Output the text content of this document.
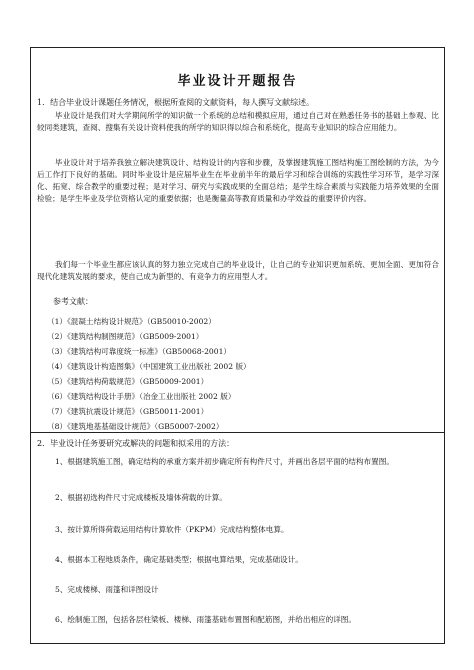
毕业设计开题报告
1．结合毕业设计课题任务情况，根据所查阅的文献资料，每人撰写文献综述。
毕业设计是我们对大学期间所学的知识做一个系统的总结和模拟应用，通过自己对在熟悉任务书的基础上参观、比较同类建筑，查阅、搜集有关设计资料使我的所学的知识得以综合和系统化，提高专业知识的综合应用能力。
毕业设计对于培养我独立解决建筑设计、结构设计的内容和步骤，及掌握建筑施工图结构施工图绘制的方法，为今后工作打下良好的基础。同时毕业设计是应届毕业生在毕业前半年的最后学习和综合训练的实践性学习环节，是学习深化、拓宽、综合教学的重要过程；是对学习、研究与实践成果的全面总结；是学生综合素质与实践能力培养效果的全面检验；是学生毕业及学位资格认定的重要依据；也是衡量高等教育质量和办学效益的重要评价内容。
我们每一个毕业生都应该认真的努力独立完成自己的毕业设计，让自己的专业知识更加系统、更加全面、更加符合现代化建筑发展的要求，使自己成为新型的、有竞争力的应用型人才。
参考文献：
（1）《混凝土结构设计规范》（GB50010-2002）
（2）《建筑结构制图规范》（GB5009-2001）
（3）《建筑结构可靠度统一标准》（GB50068-2001）
（4）《建筑设计构造图集》（中国建筑工业出版社 2002 版）
（5）《建筑结构荷载规范》（GB50009-2001）
（6）《建筑结构设计手册》（冶金工业出版社 2002 版）
（7）《建筑抗震设计规范》（GB50011-2001）
（8）《建筑地基基础设计规范》（GB50007-2002）
2．毕业设计任务要研究或解决的问题和拟采用的方法：
1、根据建筑施工图，确定结构的承重方案并初步确定所有构件尺寸，并画出各层平面的结构布置图。
2、根据初选构件尺寸完成楼板及墙体荷载的计算。
3、按计算所得荷载运用结构计算软件（PKPM）完成结构整体电算。
4、根据本工程地质条件，确定基础类型；根据电算结果，完成基础设计。
5、完成楼梯、雨篷和详图设计
6、绘制施工图，包括各层柱梁板、楼梯、雨篷基础布置图和配筋图，并给出相应的详图。
